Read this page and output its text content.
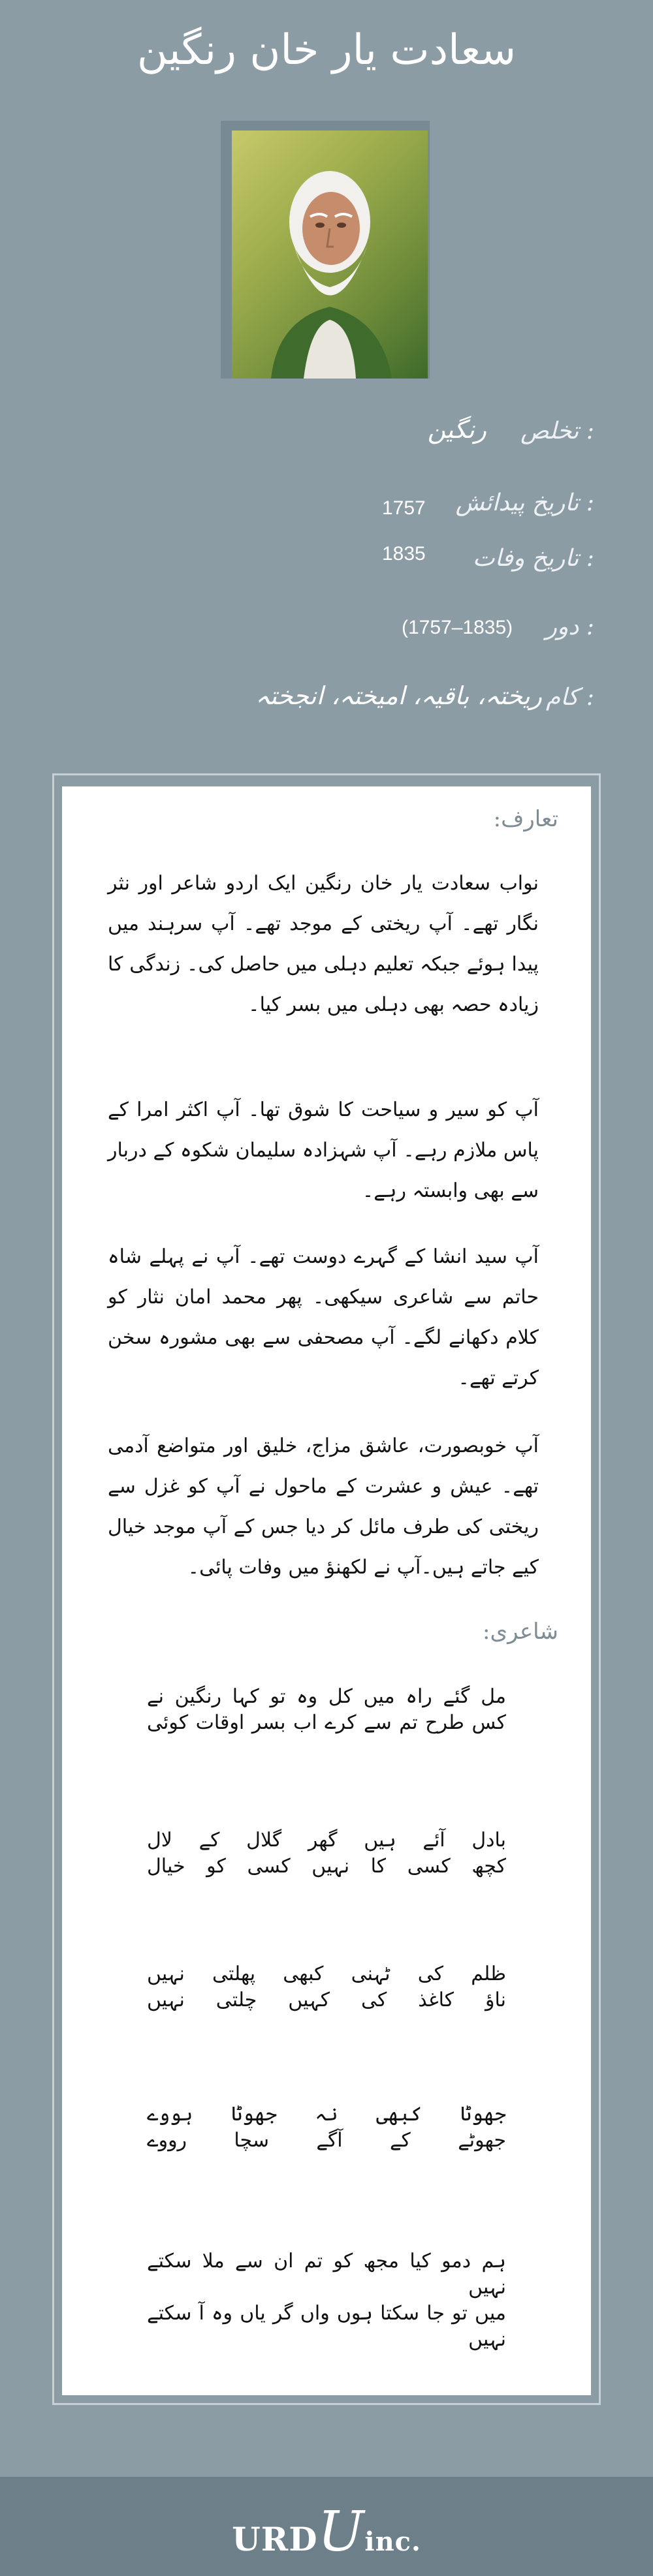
سعادت یار خان رنگین
تخلص :
رنگین
تاریخ پیدائش :
1757
تاریخ وفات :
1835
دور :
(1757–1835)
کام :
ریختہ، باقیہ، امیختہ، انجختہ
تعارف:
نواب سعادت یار خان رنگین ایک اردو شاعر اور نثر نگار تھے۔ آپ ریختی کے موجد تھے۔ آپ سرہند میں پیدا ہوئے جبکہ تعلیم دہلی میں حاصل کی۔ زندگی کا زیادہ حصہ بھی دہلی میں بسر کیا۔
آپ کو سیر و سیاحت کا شوق تھا۔ آپ اکثر امرا کے پاس ملازم رہے۔ آپ شہزادہ سلیمان شکوہ کے دربار سے بھی وابستہ رہے۔
آپ سید انشا کے گہرے دوست تھے۔ آپ نے پہلے شاہ حاتم سے شاعری سیکھی۔ پھر محمد امان نثار کو کلام دکھانے لگے۔ آپ مصحفی سے بھی مشورہ سخن کرتے تھے۔
آپ خوبصورت، عاشق مزاج، خلیق اور متواضع آدمی تھے۔ عیش و عشرت کے ماحول نے آپ کو غزل سے ریختی کی طرف مائل کر دیا جس کے آپ موجد خیال کیے جاتے ہیں۔آپ نے لکھنؤ میں وفات پائی۔
شاعری:
مل گئے راہ میں کل وہ تو کہا رنگین نے
کس طرح تم سے کرے اب بسر اوقات کوئی
بادل آئے ہیں گھر گلال کے لال
کچھ کسی کا نہیں کسی کو خیال
ظلم کی ٹہنی کبھی پھلتی نہیں
ناؤ کاغذ کی کہیں چلتی نہیں
جھوٹا کبھی نہ جھوٹا ہووے
جھوٹے کے آگے سچا رووے
ہم دمو کیا مجھ کو تم ان سے ملا سکتے نہیں
میں تو جا سکتا ہوں واں گر یاں وہ آ سکتے نہیں
URDUinc.
